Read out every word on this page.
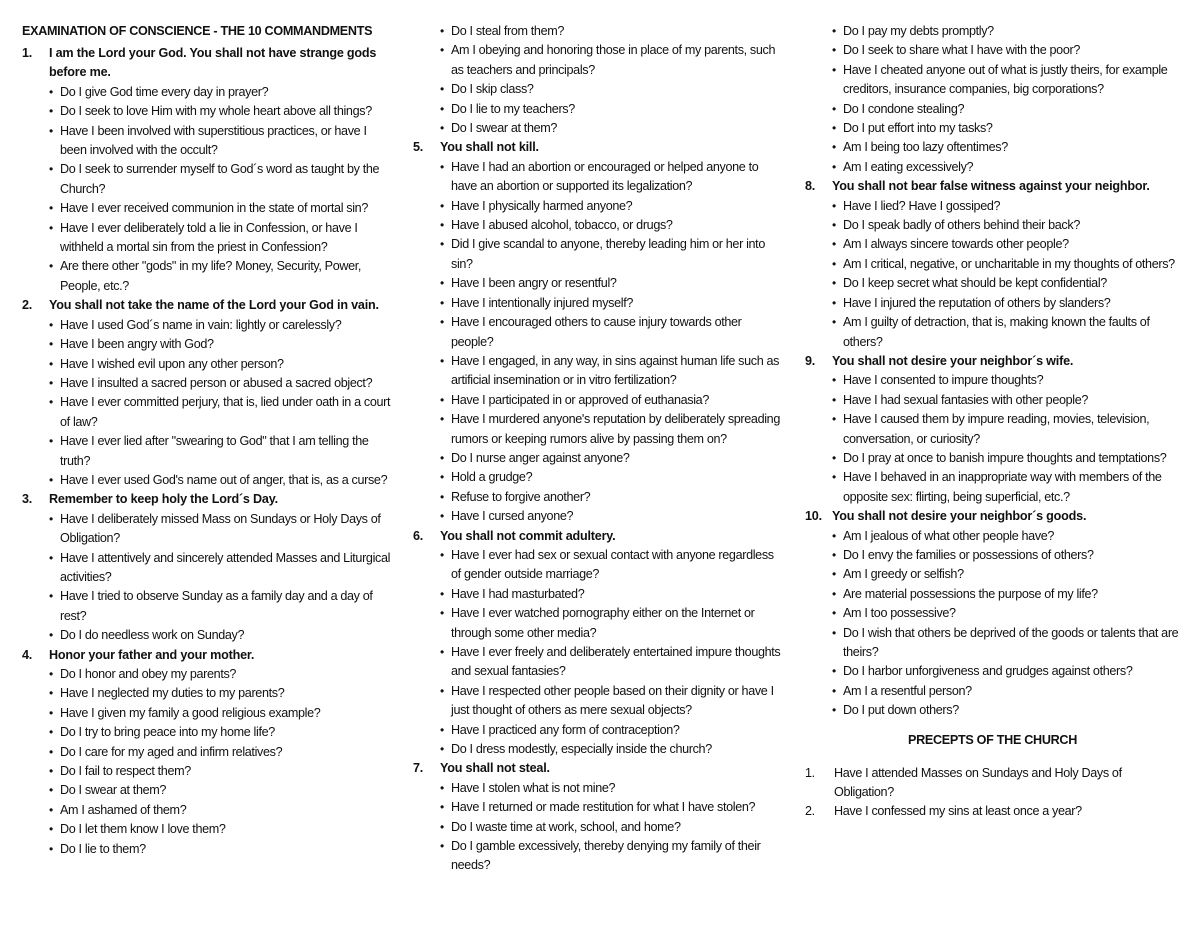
EXAMINATION OF CONSCIENCE - THE 10 COMMANDMENTS
1.	I am the Lord your God. You shall not have strange gods before me.
• Do I give God time every day in prayer?
• Do I seek to love Him with my whole heart above all things?
• Have I been involved with superstitious practices, or have I been involved with the occult?
• Do I seek to surrender myself to God´s word as taught by the Church?
• Have I ever received communion in the state of mortal sin?
• Have I ever deliberately told a lie in Confession, or have I withheld a mortal sin from the priest in Confession?
• Are there other "gods" in my life? Money, Security, Power, People, etc.?
2.	You shall not take the name of the Lord your God in vain.
• Have I used God´s name in vain: lightly or carelessly?
• Have I been angry with God?
• Have I wished evil upon any other person?
• Have I insulted a sacred person or abused a sacred object?
• Have I ever committed perjury, that is, lied under oath in a court of law?
• Have I ever lied after "swearing to God" that I am telling the truth?
• Have I ever used God's name out of anger, that is, as a curse?
3.	Remember to keep holy the Lord´s Day.
• Have I deliberately missed Mass on Sundays or Holy Days of Obligation?
• Have I attentively and sincerely attended Masses and Liturgical activities?
• Have I tried to observe Sunday as a family day and a day of rest?
• Do I do needless work on Sunday?
4.	Honor your father and your mother.
• Do I honor and obey my parents?
• Have I neglected my duties to my parents?
• Have I given my family a good religious example?
• Do I try to bring peace into my home life?
• Do I care for my aged and infirm relatives?
• Do I fail to respect them?
• Do I swear at them?
• Am I ashamed of them?
• Do I let them know I love them?
• Do I lie to them?
• Do I steal from them?
• Am I obeying and honoring those in place of my parents, such as teachers and principals?
• Do I skip class?
• Do I lie to my teachers?
• Do I swear at them?
5.	You shall not kill.
• Have I had an abortion or encouraged or helped anyone to have an abortion or supported its legalization?
• Have I physically harmed anyone?
• Have I abused alcohol, tobacco, or drugs?
• Did I give scandal to anyone, thereby leading him or her into sin?
• Have I been angry or resentful?
• Have I intentionally injured myself?
• Have I encouraged others to cause injury towards other people?
• Have I engaged, in any way, in sins against human life such as artificial insemination or in vitro fertilization?
• Have I participated in or approved of euthanasia?
• Have I murdered anyone's reputation by deliberately spreading rumors or keeping rumors alive by passing them on?
• Do I nurse anger against anyone?
• Hold a grudge?
• Refuse to forgive another?
• Have I cursed anyone?
6.	You shall not commit adultery.
• Have I ever had sex or sexual contact with anyone regardless of gender outside marriage?
• Have I had masturbated?
• Have I ever watched pornography either on the Internet or through some other media?
• Have I ever freely and deliberately entertained impure thoughts and sexual fantasies?
• Have I respected other people based on their dignity or have I just thought of others as mere sexual objects?
• Have I practiced any form of contraception?
• Do I dress modestly, especially inside the church?
7.	You shall not steal.
• Have I stolen what is not mine?
• Have I returned or made restitution for what I have stolen?
• Do I waste time at work, school, and home?
• Do I gamble excessively, thereby denying my family of their needs?
• Do I pay my debts promptly?
• Do I seek to share what I have with the poor?
• Have I cheated anyone out of what is justly theirs, for example creditors, insurance companies, big corporations?
• Do I condone stealing?
• Do I put effort into my tasks?
• Am I being too lazy oftentimes?
• Am I eating excessively?
8.	You shall not bear false witness against your neighbor.
• Have I lied? Have I gossiped?
• Do I speak badly of others behind their back?
• Am I always sincere towards other people?
• Am I critical, negative, or uncharitable in my thoughts of others?
• Do I keep secret what should be kept confidential?
• Have I injured the reputation of others by slanders?
• Am I guilty of detraction, that is, making known the faults of others?
9.	You shall not desire your neighbor´s wife.
• Have I consented to impure thoughts?
• Have I had sexual fantasies with other people?
• Have I caused them by impure reading, movies, television, conversation, or curiosity?
• Do I pray at once to banish impure thoughts and temptations?
• Have I behaved in an inappropriate way with members of the opposite sex: flirting, being superficial, etc.?
10. You shall not desire your neighbor´s goods.
• Am I jealous of what other people have?
• Do I envy the families or possessions of others?
• Am I greedy or selfish?
• Are material possessions the purpose of my life?
• Am I too possessive?
• Do I wish that others be deprived of the goods or talents that are theirs?
• Do I harbor unforgiveness and grudges against others?
• Am I a resentful person?
• Do I put down others?
PRECEPTS OF THE CHURCH
1.	Have I attended Masses on Sundays and Holy Days of Obligation?
2.	Have I confessed my sins at least once a year?
